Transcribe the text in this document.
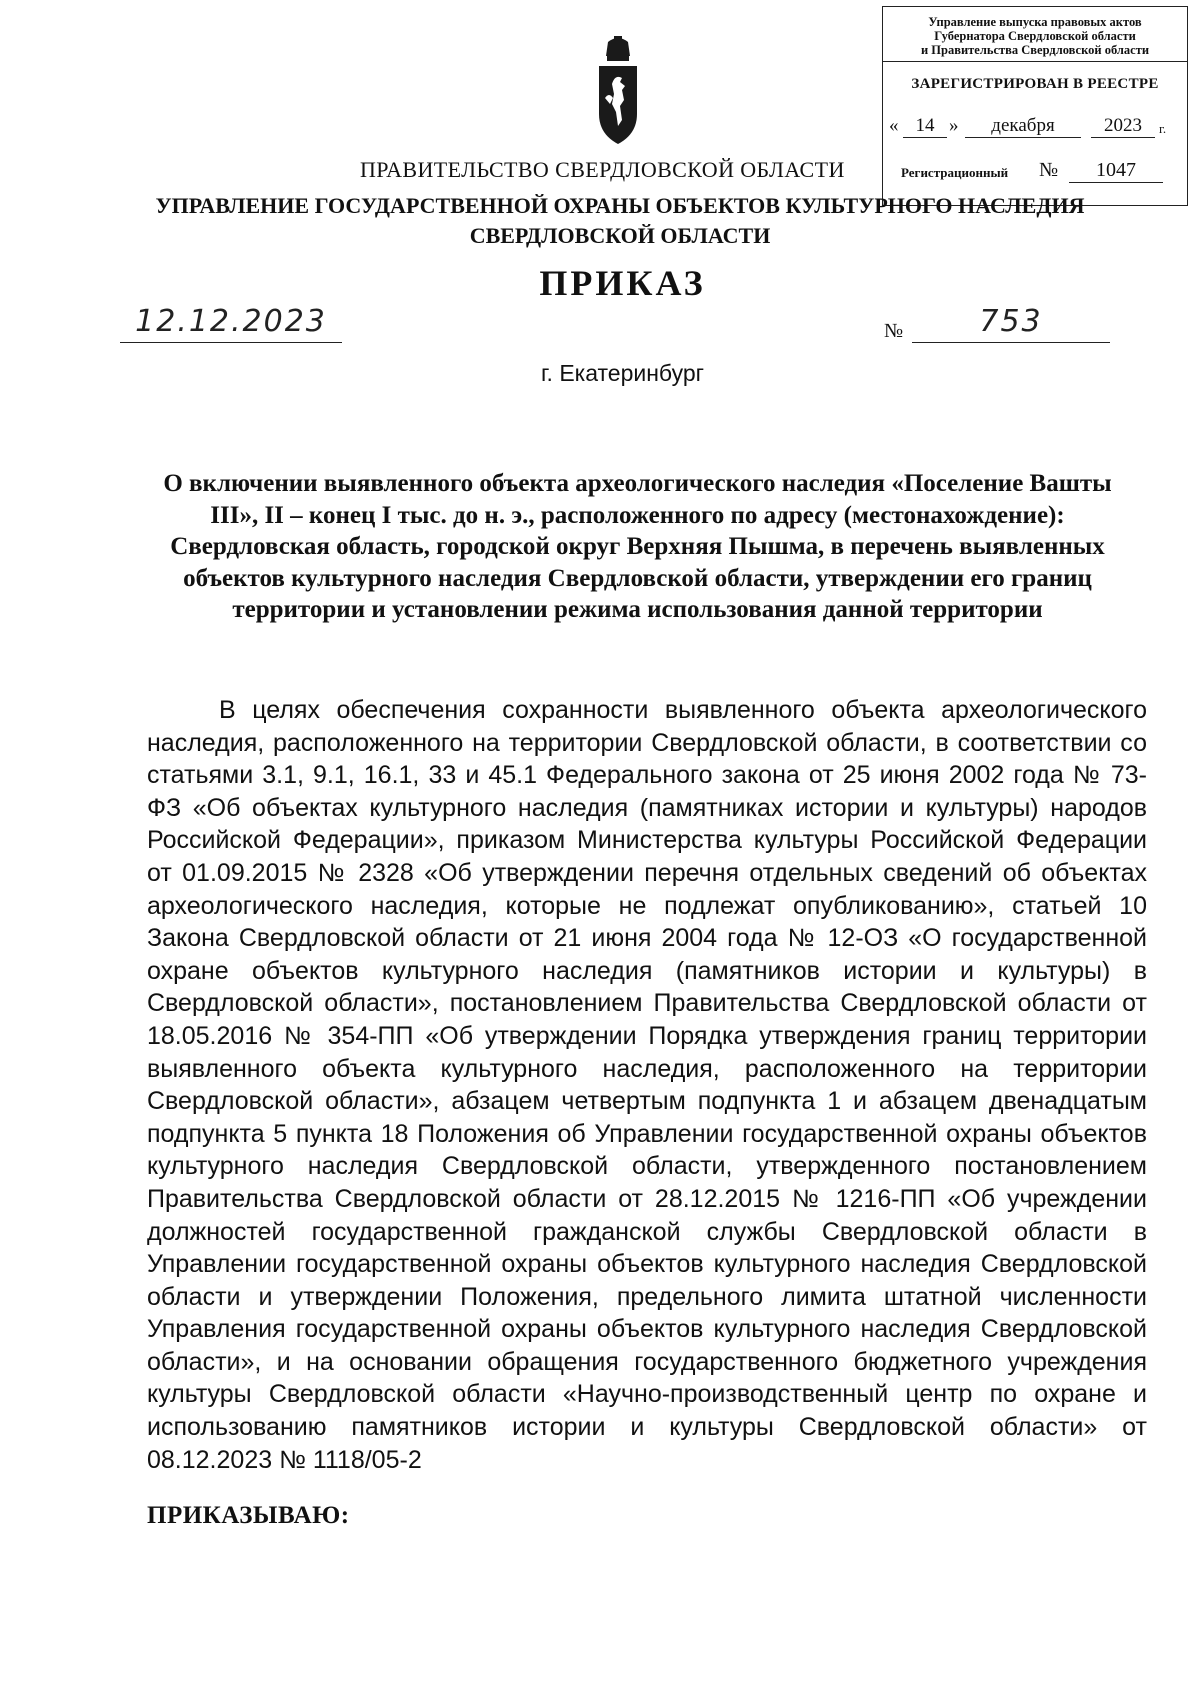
Управление выпуска правовых актов
Губернатора Свердловской области
и Правительства Свердловской области
ЗАРЕГИСТРИРОВАН В РЕЕСТРЕ
« 14 »	декабря	2023	г.
Регистрационный №	1047
ПРАВИТЕЛЬСТВО СВЕРДЛОВСКОЙ ОБЛАСТИ
УПРАВЛЕНИЕ ГОСУДАРСТВЕННОЙ ОХРАНЫ ОБЪЕКТОВ КУЛЬТУРНОГО НАСЛЕДИЯ
СВЕРДЛОВСКОЙ ОБЛАСТИ
ПРИКАЗ
12.12.2023	№	753
г. Екатеринбург
О включении выявленного объекта археологического наследия «Поселение Вашты III», II – конец I тыс. до н. э., расположенного по адресу (местонахождение): Свердловская область, городской округ Верхняя Пышма, в перечень выявленных объектов культурного наследия Свердловской области, утверждении его границ территории и установлении режима использования данной территории

В целях обеспечения сохранности выявленного объекта археологического наследия, расположенного на территории Свердловской области, в соответствии со статьями 3.1, 9.1, 16.1, 33 и 45.1 Федерального закона от 25 июня 2002 года № 73-ФЗ «Об объектах культурного наследия (памятниках истории и культуры) народов Российской Федерации», приказом Министерства культуры Российской Федерации от 01.09.2015 № 2328 «Об утверждении перечня отдельных сведений об объектах археологического наследия, которые не подлежат опубликованию», статьей 10 Закона Свердловской области от 21 июня 2004 года № 12-ОЗ «О государственной охране объектов культурного наследия (памятников истории и культуры) в Свердловской области», постановлением Правительства Свердловской области от 18.05.2016 № 354-ПП «Об утверждении Порядка утверждения границ территории выявленного объекта культурного наследия, расположенного на территории Свердловской области», абзацем четвертым подпункта 1 и абзацем двенадцатым подпункта 5 пункта 18 Положения об Управлении государственной охраны объектов культурного наследия Свердловской области, утвержденного постановлением Правительства Свердловской области от 28.12.2015 № 1216-ПП «Об учреждении должностей государственной гражданской службы Свердловской области в Управлении государственной охраны объектов культурного наследия Свердловской области и утверждении Положения, предельного лимита штатной численности Управления государственной охраны объектов культурного наследия Свердловской области», и на основании обращения государственного бюджетного учреждения культуры Свердловской области «Научно-производственный центр по охране и использованию памятников истории и культуры Свердловской области» от 08.12.2023 № 1118/05-2

ПРИКАЗЫВАЮ:
